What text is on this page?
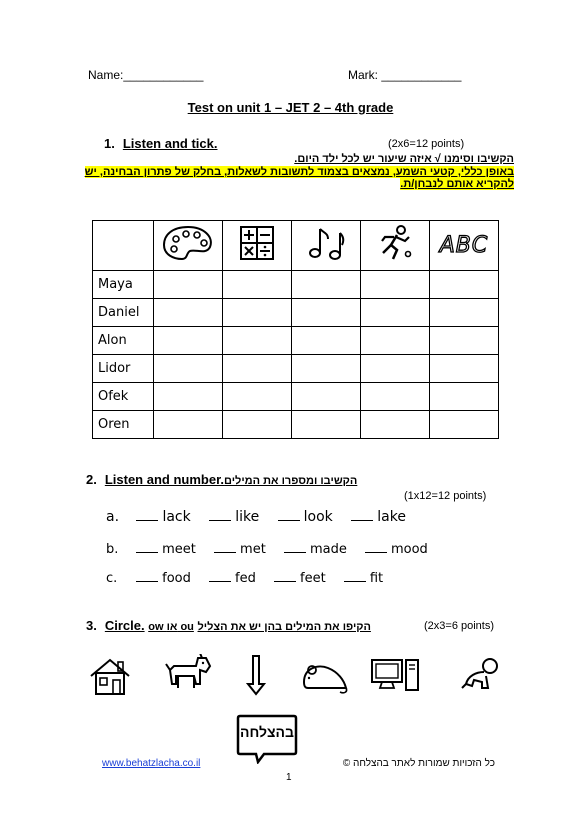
Name:____________	Mark: ____________
Test on unit 1 – JET 2 – 4th grade
1. Listen and tick.	(2x6=12 points)
הקשיבו וסימנו √ איזה שיעור יש לכל ילד היום.
באופן כללי, קטעי השמע, נמצאים בצמוד לתשובות לשאלות, בחלק של פתרון הבחינה, יש
להקריא אותם לנבחן/ת.
					ABC
Maya					
Daniel					
Alon					
Lidor					
Ofek					
Oren					
2. Listen and number.הקשיבו ומספרו את המילים
(1x12=12 points)
a.	lack	like	look	lake
b.	meet	met	made	mood
c.	food	fed	feet	fit
3. Circle. ow או ou הקיפו את המילים בהן יש את הצליל	(2x3=6 points)
בהצלחה
www.behatzlacha.co.il	כל הזכויות שמורות לאתר בהצלחה ©
1
